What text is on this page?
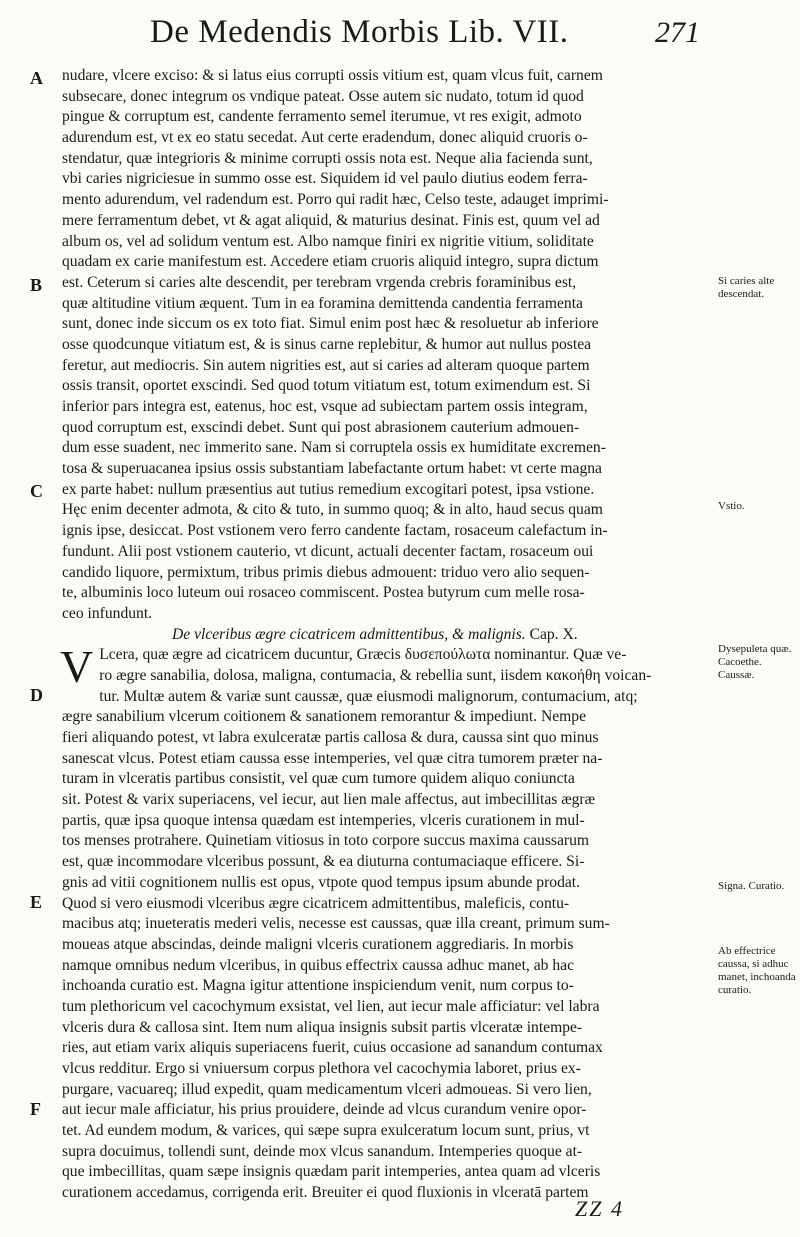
De Medendis Morbis Lib. VII.	271
A
B
C
D
E
F
Si caries alte descendat.
Vstio.
Dysepuleta quæ. Cacoethe. Caussæ.
Signa. Curatio.
Ab effectrice caussa, si adhuc manet, inchoanda curatio.
nudare, vlcere exciso: & si latus eius corrupti ossis vitium est, quam vlcus fuit, carnem
subsecare, donec integrum os vndique pateat. Osse autem sic nudato, totum id quod
pingue & corruptum est, candente ferramento semel iterumue, vt res exigit, admoto
adurendum est, vt ex eo statu secedat. Aut certe eradendum, donec aliquid cruoris o-
stendatur, quæ integrioris & minime corrupti ossis nota est. Neque alia facienda sunt,
vbi caries nigriciesue in summo osse est. Siquidem id vel paulo diutius eodem ferra-
mento adurendum, vel radendum est. Porro qui radit hæc, Celso teste, adauget imprimi-
mere ferramentum debet, vt & agat aliquid, & maturius desinat. Finis est, quum vel ad
album os, vel ad solidum ventum est. Albo namque finiri ex nigritie vitium, soliditate
quadam ex carie manifestum est. Accedere etiam cruoris aliquid integro, supra dictum
est. Ceterum si caries alte descendit, per terebram vrgenda crebris foraminibus est,
quæ altitudine vitium æquent. Tum in ea foramina demittenda candentia ferramenta
sunt, donec inde siccum os ex toto fiat. Simul enim post hæc & resoluetur ab inferiore
osse quodcunque vitiatum est, & is sinus carne replebitur, & humor aut nullus postea
feretur, aut mediocris. Sin autem nigrities est, aut si caries ad alteram quoque partem
ossis transit, oportet exscindi. Sed quod totum vitiatum est, totum eximendum est. Si
inferior pars integra est, eatenus, hoc est, vsque ad subiectam partem ossis integram,
quod corruptum est, exscindi debet. Sunt qui post abrasionem cauterium admouen-
dum esse suadent, nec immerito sane. Nam si corruptela ossis ex humiditate excremen-
tosa & superuacanea ipsius ossis substantiam labefactante ortum habet: vt certe magna
ex parte habet: nullum præsentius aut tutius remedium excogitari potest, ipsa vstione.
Hęc enim decenter admota, & cito & tuto, in summo quoq; & in alto, haud secus quam
ignis ipse, desiccat. Post vstionem vero ferro candente factam, rosaceum calefactum in-
fundunt. Alii post vstionem cauterio, vt dicunt, actuali decenter factam, rosaceum oui
candido liquore, permixtum, tribus primis diebus admouent: triduo vero alio sequen-
te, albuminis loco luteum oui rosaceo commiscent. Postea butyrum cum melle rosa-
ceo infundunt.
De vlceribus ægre cicatricem admittentibus, & malignis. Cap. X.
V Lcera, quæ ægre ad cicatricem ducuntur, Græcis δυσεπούλωτα nominantur. Quæ ve-
ro ægre sanabilia, dolosa, maligna, contumacia, & rebellia sunt, iisdem κακοήθη voican-
tur. Multæ autem & variæ sunt caussæ, quæ eiusmodi malignorum, contumacium, atq;
ægre sanabilium vlcerum coitionem & sanationem remorantur & impediunt. Nempe
fieri aliquando potest, vt labra exulceratæ partis callosa & dura, caussa sint quo minus
sanescat vlcus. Potest etiam caussa esse intemperies, vel quæ citra tumorem præter na-
turam in vlceratis partibus consistit, vel quæ cum tumore quidem aliquo coniuncta
sit. Potest & varix superiacens, vel iecur, aut lien male affectus, aut imbecillitas ægræ
partis, quæ ipsa quoque intensa quædam est intemperies, vlceris curationem in mul-
tos menses protrahere. Quinetiam vitiosus in toto corpore succus maxima caussarum
est, quæ incommodare vlceribus possunt, & ea diuturna contumaciaque efficere. Si-
gnis ad vitii cognitionem nullis est opus, vtpote quod tempus ipsum abunde prodat.
Quod si vero eiusmodi vlceribus ægre cicatricem admittentibus, maleficis, contu-
macibus atq; inueteratis mederi velis, necesse est caussas, quæ illa creant, primum sum-
moueas atque abscindas, deinde maligni vlceris curationem aggrediaris. In morbis
namque omnibus nedum vlceribus, in quibus effectrix caussa adhuc manet, ab hac
inchoanda curatio est. Magna igitur attentione inspiciendum venit, num corpus to-
tum plethoricum vel cacochymum exsistat, vel lien, aut iecur male afficiatur: vel labra
vlceris dura & callosa sint. Item num aliqua insignis subsit partis vlceratæ intempe-
ries, aut etiam varix aliquis superiacens fuerit, cuius occasione ad sanandum contumax
vlcus redditur. Ergo si vniuersum corpus plethora vel cacochymia laboret, prius ex-
purgare, vacuareq; illud expedit, quam medicamentum vlceri admoueas. Si vero lien,
aut iecur male afficiatur, his prius prouidere, deinde ad vlcus curandum venire opor-
tet. Ad eundem modum, & varices, qui sæpe supra exulceratum locum sunt, prius, vt
supra docuimus, tollendi sunt, deinde mox vlcus sanandum. Intemperies quoque at-
que imbecillitas, quam sæpe insignis quædam parit intemperies, antea quam ad vlceris
curationem accedamus, corrigenda erit. Breuiter ei quod fluxionis in vlceratā partem
ZZ 4
